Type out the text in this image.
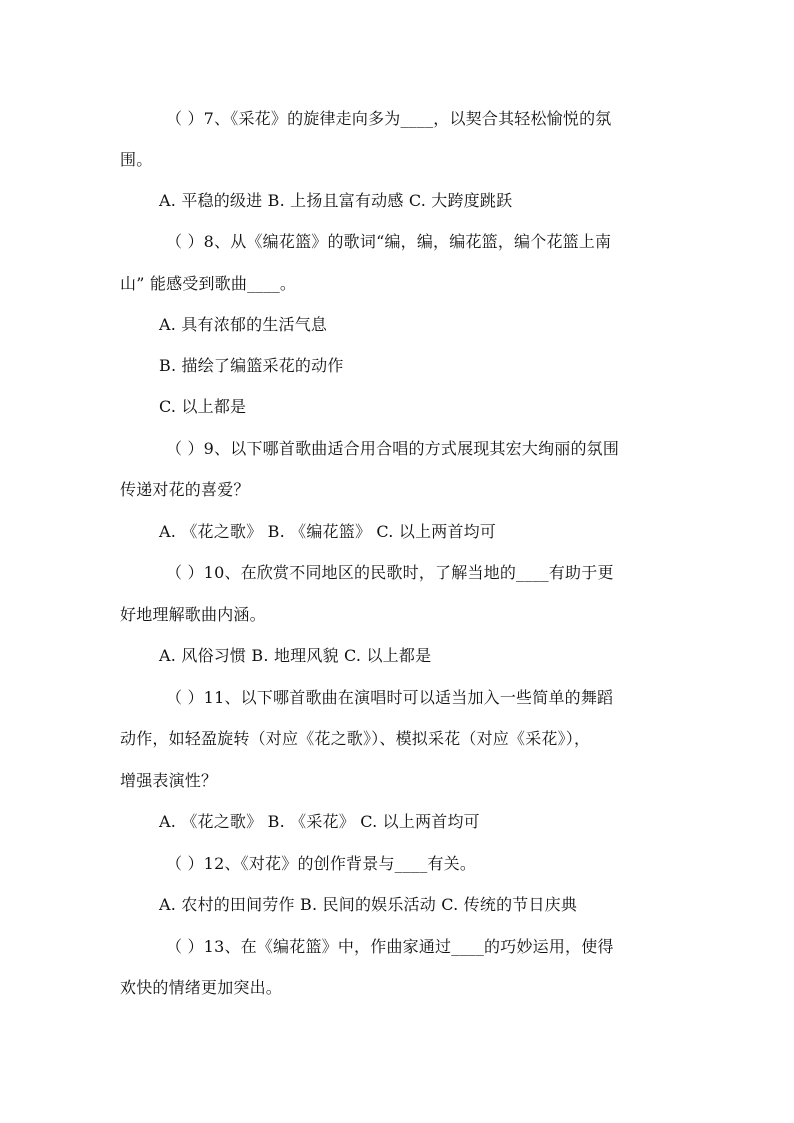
（ ）7、《采花》的旋律走向多为____，以契合其轻松愉悦的氛
围。
A. 平稳的级进 B. 上扬且富有动感 C. 大跨度跳跃
（ ）8、从《编花篮》的歌词“编，编，编花篮，编个花篮上南
山” 能感受到歌曲____。
A. 具有浓郁的生活气息
B. 描绘了编篮采花的动作
C. 以上都是
（ ）9、以下哪首歌曲适合用合唱的方式展现其宏大绚丽的氛围
传递对花的喜爱？
A. 《花之歌》 B. 《编花篮》 C. 以上两首均可
（ ）10、在欣赏不同地区的民歌时，了解当地的____有助于更
好地理解歌曲内涵。
A. 风俗习惯 B. 地理风貌 C. 以上都是
（ ）11、以下哪首歌曲在演唱时可以适当加入一些简单的舞蹈
动作，如轻盈旋转（对应《花之歌》）、模拟采花（对应《采花》），
增强表演性？
A. 《花之歌》 B. 《采花》 C. 以上两首均可
（ ）12、《对花》的创作背景与____有关。
A. 农村的田间劳作 B. 民间的娱乐活动 C. 传统的节日庆典
（ ）13、在《编花篮》中，作曲家通过____的巧妙运用，使得
欢快的情绪更加突出。
